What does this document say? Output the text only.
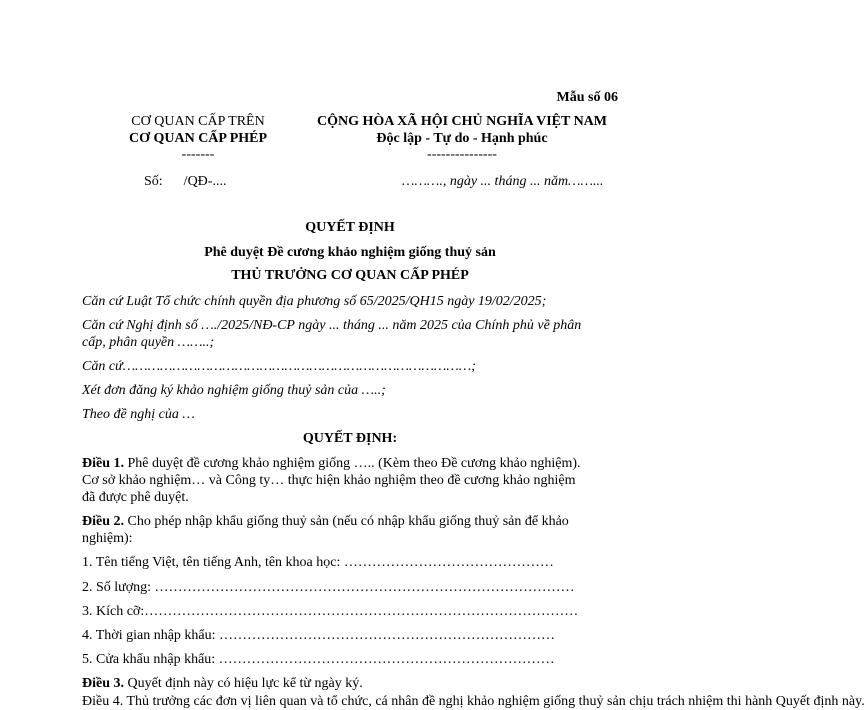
Mẫu số 06
CƠ QUAN CẤP TRÊN
CƠ QUAN CẤP PHÉP
-------
Số:      /QĐ-....
CỘNG HÒA XÃ HỘI CHỦ NGHĨA VIỆT NAM
Độc lập - Tự do - Hạnh phúc
---------------
………., ngày ... tháng ... năm……...
QUYẾT ĐỊNH
Phê duyệt Đề cương khảo nghiệm giống thuỷ sản
THỦ TRƯỞNG CƠ QUAN CẤP PHÉP
Căn cứ Luật Tổ chức chính quyền địa phương số 65/2025/QH15 ngày 19/02/2025;
Căn cứ Nghị định số …./2025/NĐ-CP ngày ... tháng ... năm 2025 của Chính phủ về phân
cấp, phân quyền ……..;
Căn cứ…………………………………………………………………………;
Xét đơn đăng ký khảo nghiệm giống thuỷ sản của …..;
Theo đề nghị của …
QUYẾT ĐỊNH:
Điều 1. Phê duyệt đề cương khảo nghiệm giống ….. (Kèm theo Đề cương khảo nghiệm).
Cơ sở khảo nghiệm… và Công ty… thực hiện khảo nghiệm theo đề cương khảo nghiệm
đã được phê duyệt.
Điều 2. Cho phép nhập khẩu giống thuỷ sản (nếu có nhập khẩu giống thuỷ sản để khảo
nghiệm):
1. Tên tiếng Việt, tên tiếng Anh, tên khoa học: ………………………………………
2. Số lượng: ………………………………………………………………………………
3. Kích cỡ:…………………………………………………………………………………
4. Thời gian nhập khẩu: ………………………………………………………………
5. Cửa khẩu nhập khẩu: ………………………………………………………………
Điều 3. Quyết định này có hiệu lực kể từ ngày ký.
Điều 4. Thủ trưởng các đơn vị liên quan và tổ chức, cá nhân đề nghị khảo nghiệm giống thuỷ sản chịu trách nhiệm thi hành Quyết định này.
